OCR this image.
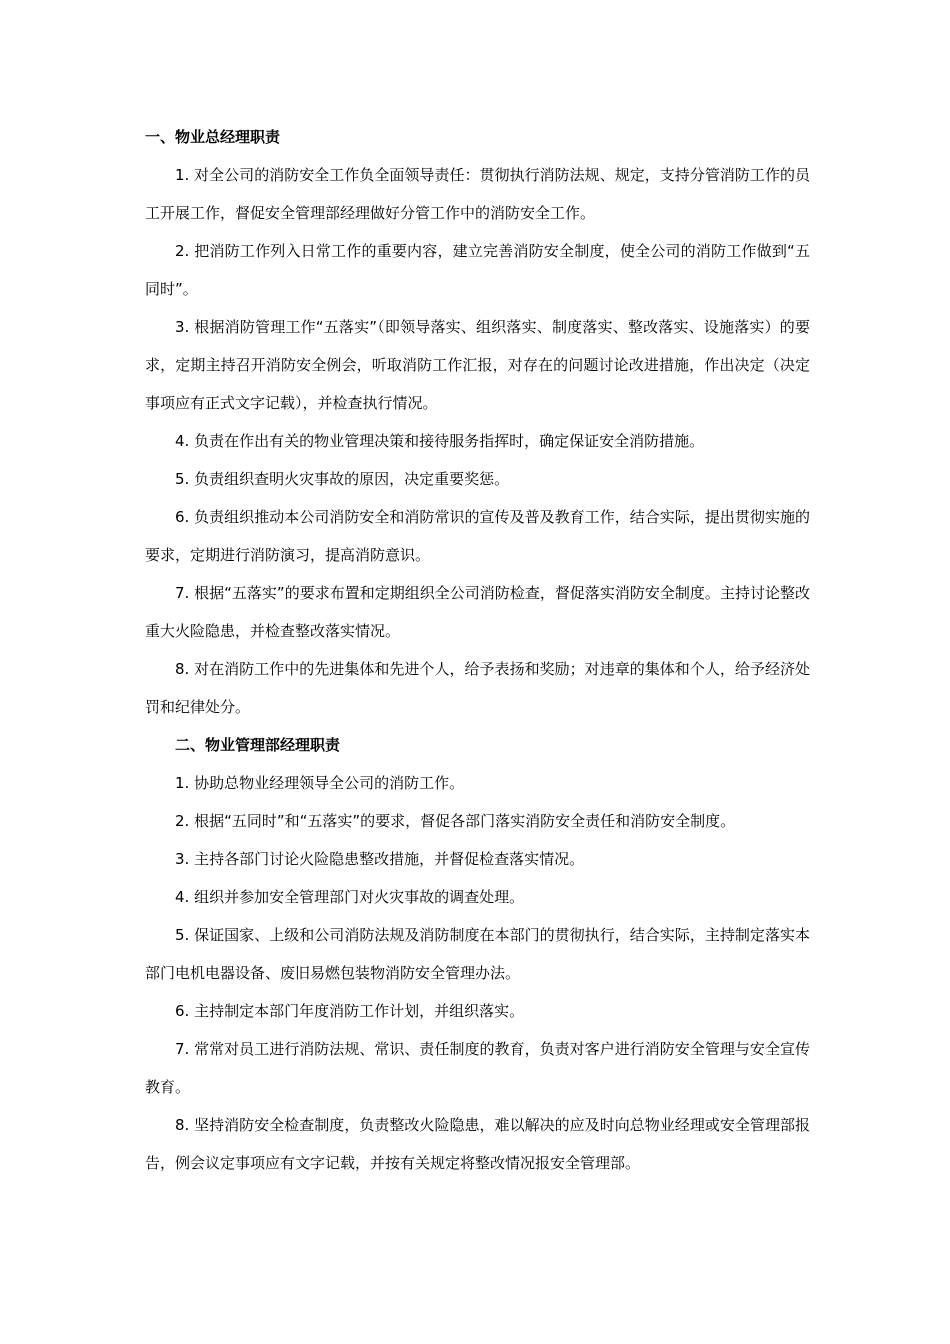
一、物业总经理职责

1. 对全公司的消防安全工作负全面领导责任：贯彻执行消防法规、规定，支持分管消防工作的员工开展工作，督促安全管理部经理做好分管工作中的消防安全工作。

2. 把消防工作列入日常工作的重要内容，建立完善消防安全制度，使全公司的消防工作做到“五同时”。

3. 根据消防管理工作“五落实”（即领导落实、组织落实、制度落实、整改落实、设施落实）的要求，定期主持召开消防安全例会，听取消防工作汇报，对存在的问题讨论改进措施，作出决定（决定事项应有正式文字记载），并检查执行情况。

4. 负责在作出有关的物业管理决策和接待服务指挥时，确定保证安全消防措施。

5. 负责组织查明火灾事故的原因，决定重要奖惩。

6. 负责组织推动本公司消防安全和消防常识的宣传及普及教育工作，结合实际，提出贯彻实施的要求，定期进行消防演习，提高消防意识。

7. 根据“五落实”的要求布置和定期组织全公司消防检查，督促落实消防安全制度。主持讨论整改重大火险隐患，并检查整改落实情况。

8. 对在消防工作中的先进集体和先进个人，给予表扬和奖励；对违章的集体和个人，给予经济处罚和纪律处分。

二、物业管理部经理职责

1. 协助总物业经理领导全公司的消防工作。

2. 根据“五同时”和“五落实”的要求，督促各部门落实消防安全责任和消防安全制度。

3. 主持各部门讨论火险隐患整改措施，并督促检查落实情况。

4. 组织并参加安全管理部门对火灾事故的调查处理。

5. 保证国家、上级和公司消防法规及消防制度在本部门的贯彻执行，结合实际，主持制定落实本部门电机电器设备、废旧易燃包装物消防安全管理办法。

6. 主持制定本部门年度消防工作计划，并组织落实。

7. 常常对员工进行消防法规、常识、责任制度的教育，负责对客户进行消防安全管理与安全宣传教育。

8. 坚持消防安全检查制度，负责整改火险隐患，难以解决的应及时向总物业经理或安全管理部报告，例会议定事项应有文字记载，并按有关规定将整改情况报安全管理部。
